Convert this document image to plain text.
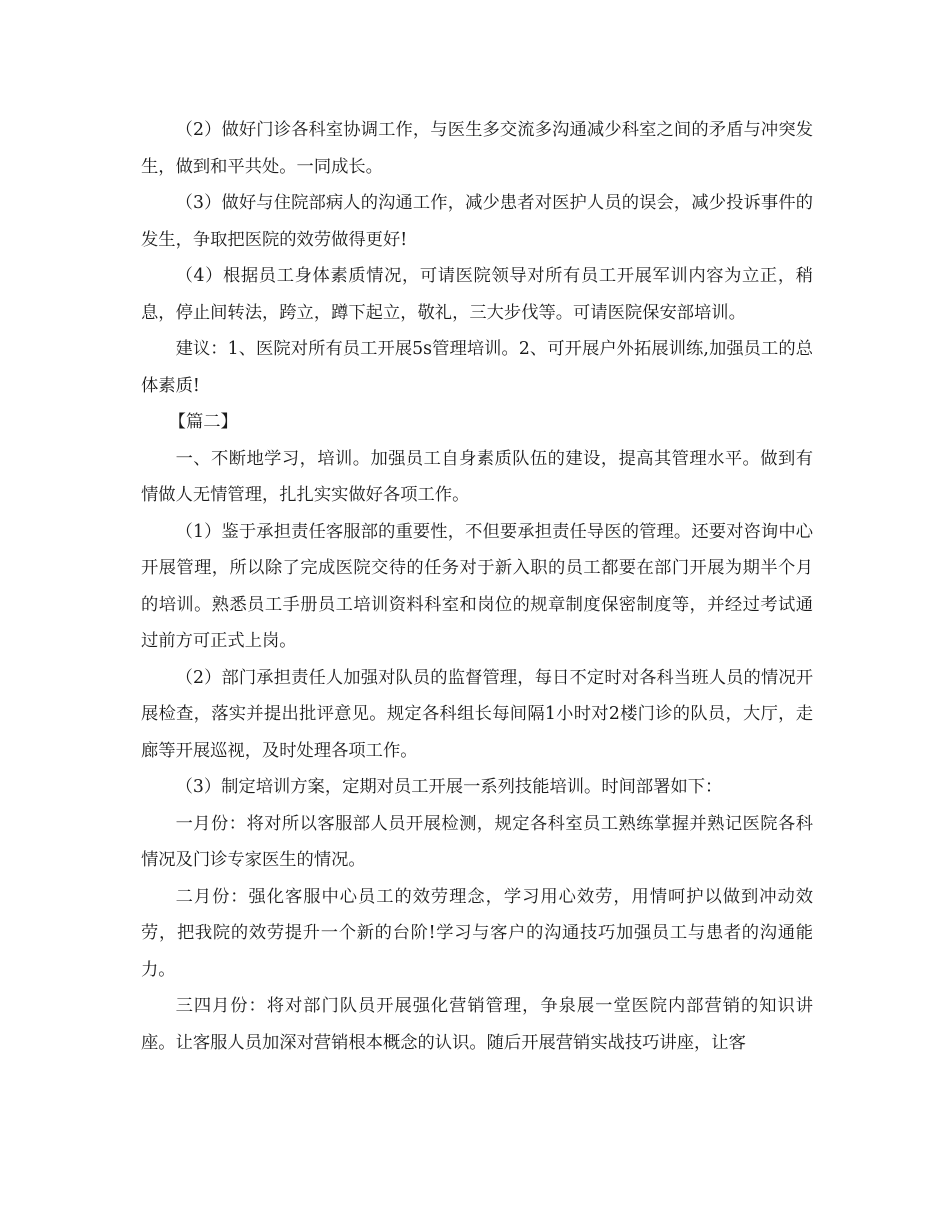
（2）做好门诊各科室协调工作，与医生多交流多沟通减少科室之间的矛盾与冲突发生，做到和平共处。一同成长。

（3）做好与住院部病人的沟通工作，减少患者对医护人员的误会，减少投诉事件的发生，争取把医院的效劳做得更好!

（4）根据员工身体素质情况，可请医院领导对所有员工开展军训内容为立正，稍息，停止间转法，跨立，蹲下起立，敬礼，三大步伐等。可请医院保安部培训。

建议：1、医院对所有员工开展5s管理培训。2、可开展户外拓展训练,加强员工的总体素质!

【篇二】

一、不断地学习，培训。加强员工自身素质队伍的建设，提高其管理水平。做到有情做人无情管理，扎扎实实做好各项工作。

（1）鉴于承担责任客服部的重要性，不但要承担责任导医的管理。还要对咨询中心开展管理，所以除了完成医院交待的任务对于新入职的员工都要在部门开展为期半个月的培训。熟悉员工手册员工培训资料科室和岗位的规章制度保密制度等，并经过考试通过前方可正式上岗。

（2）部门承担责任人加强对队员的监督管理，每日不定时对各科当班人员的情况开展检查，落实并提出批评意见。规定各科组长每间隔1小时对2楼门诊的队员，大厅，走廊等开展巡视，及时处理各项工作。

（3）制定培训方案，定期对员工开展一系列技能培训。时间部署如下：

一月份：将对所以客服部人员开展检测，规定各科室员工熟练掌握并熟记医院各科情况及门诊专家医生的情况。

二月份：强化客服中心员工的效劳理念，学习用心效劳，用情呵护以做到冲动效劳，把我院的效劳提升一个新的台阶!学习与客户的沟通技巧加强员工与患者的沟通能力。

三四月份：将对部门队员开展强化营销管理，争泉展一堂医院内部营销的知识讲座。让客服人员加深对营销根本概念的认识。随后开展营销实战技巧讲座，让客
